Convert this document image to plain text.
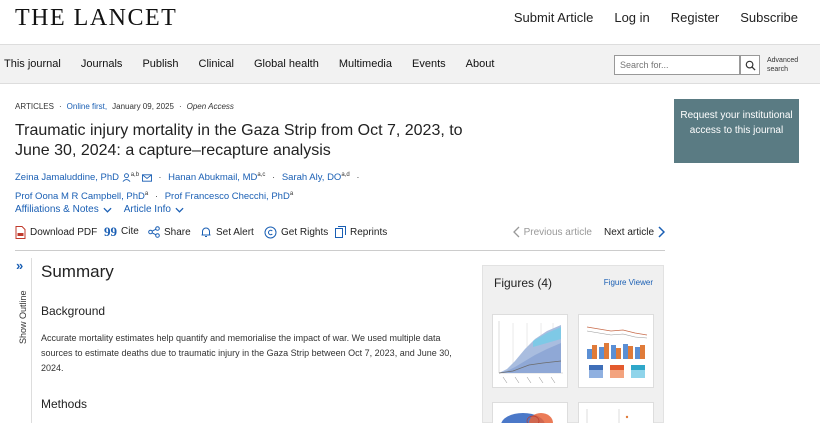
THE LANCET	Submit Article Log in Register Subscribe
This journal Journals Publish Clinical Global health Multimedia Events About
Search for...	Advanced
search
ARTICLES · Online first, January 09, 2025 · Open Access
Traumatic injury mortality in the Gaza Strip from Oct 7, 2023, to June 30, 2024: a capture–recapture analysis
Zeina Jamaluddine, PhD $^{a,b}$ · Hanan Abukmail, MD$^{a,c}$ · Sarah Aly, DO$^{a,d}$ ·
Prof Oona M R Campbell, PhD$^a$ · Prof Francesco Checchi, PhD$^a$
Affiliations & Notes	Article Info
Download PDF 99 Cite	Share	Set Alert	Get Rights Reprints	Previous article Next article
»
Show Outline
Summary
Background
Accurate mortality estimates help quantify and memorialise the impact of war. We used multiple data sources to estimate deaths due to traumatic injury in the Gaza Strip between Oct 7, 2023, and June 30, 2024.
Methods
Figures (4)	Figure Viewer
Request your institutional access to this journal
